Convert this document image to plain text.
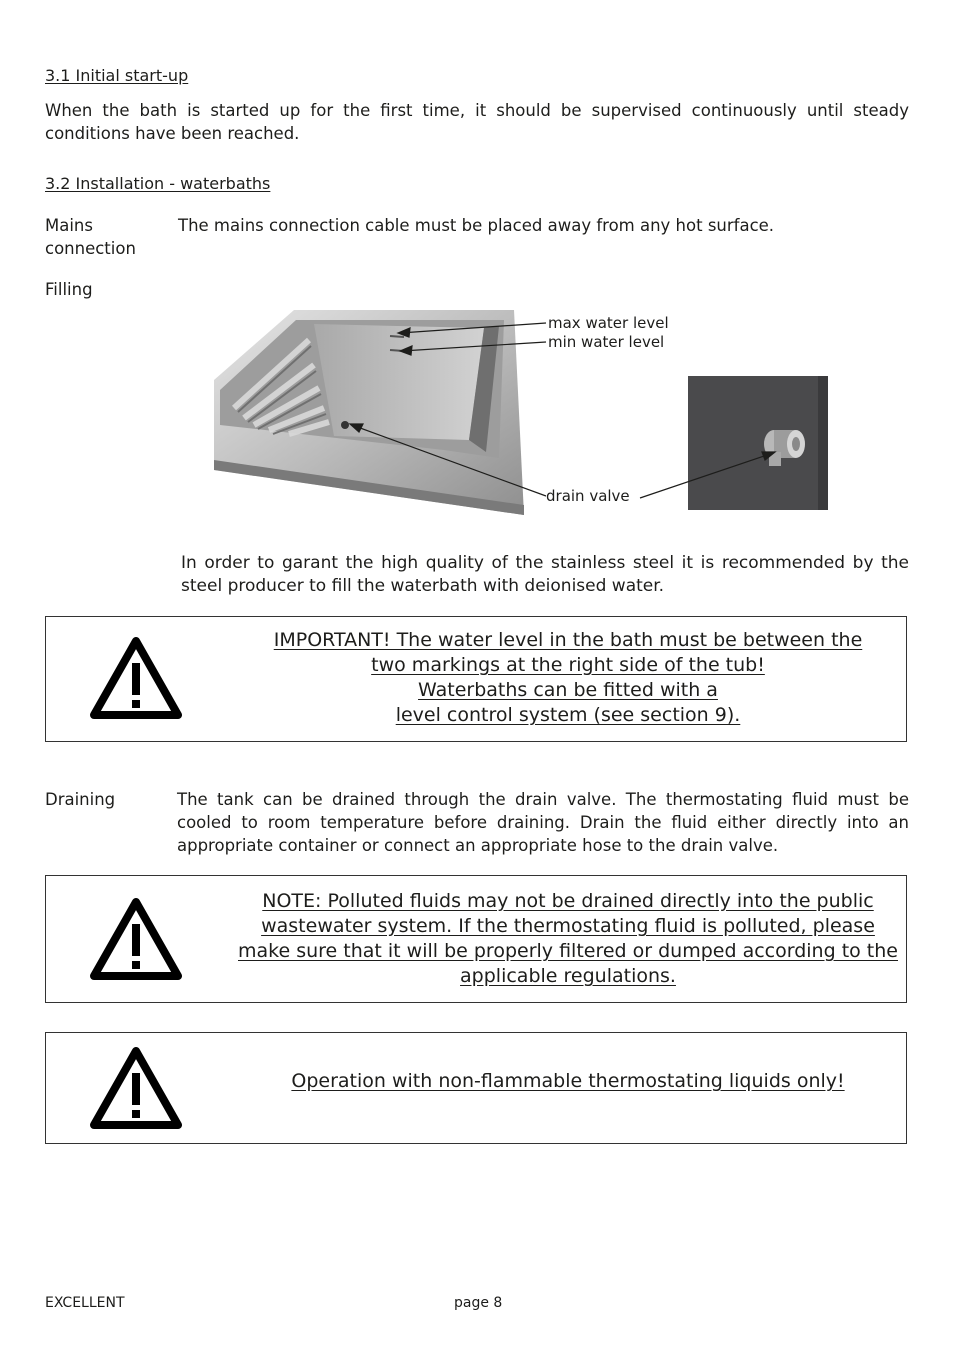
3.1 Initial start-up
When the bath is started up for the first time, it should be supervised continuously until steady conditions have been reached.
3.2 Installation - waterbaths
Mains
connection
The mains connection cable must be placed away from any hot surface.
Filling
max water level
min water level
drain valve
In order to garant the high quality of the stainless steel it is recommended by the steel producer to fill the waterbath with deionised water.
IMPORTANT! The water level in the bath must be between the
two markings at the right side of the tub!
Waterbaths can be fitted with a
level control system (see section 9).
Draining	The tank can be drained through the drain valve. The thermostating fluid must be cooled to room temperature before draining. Drain the fluid either directly into an appropriate container or connect an appropriate hose to the drain valve.
NOTE: Polluted fluids may not be drained directly into the public
wastewater system. If the thermostating fluid is polluted, please
make sure that it will be properly filtered or dumped according to the
applicable regulations.
Operation with non-flammable thermostating liquids only!
EXCELLENT	page 8
